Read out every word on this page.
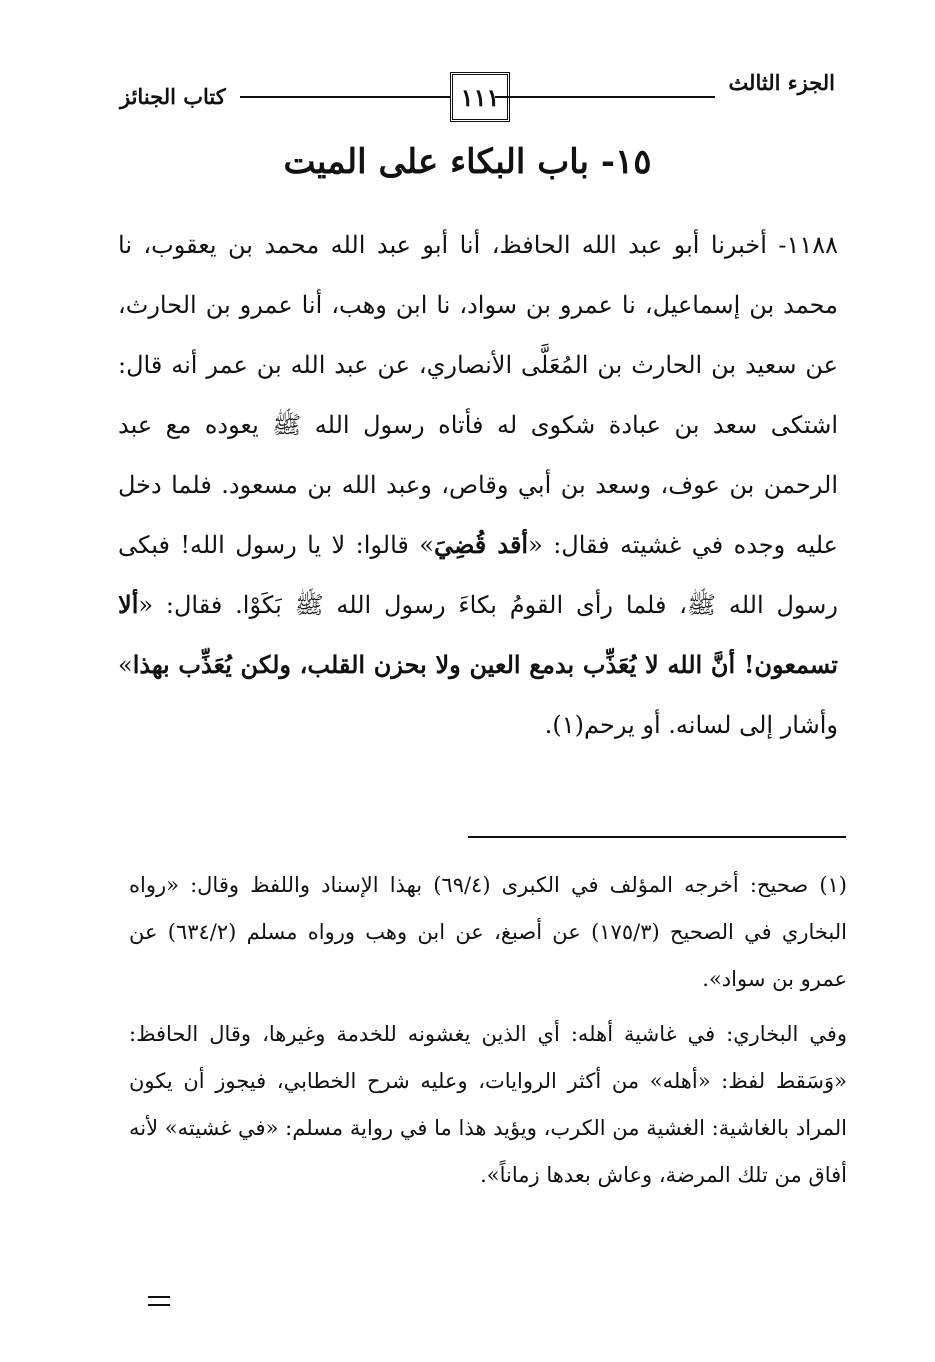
الجزء الثالث
١١١
كتاب الجنائز
١٥- باب البكاء على الميت

١١٨٨- أخبرنا أبو عبد الله الحافظ، أنا أبو عبد الله محمد بن يعقوب، نا محمد بن إسماعيل، نا عمرو بن سواد، نا ابن وهب، أنا عمرو بن الحارث، عن سعيد بن الحارث بن المُعَلَّى الأنصاري، عن عبد الله بن عمر أنه قال: اشتكى سعد بن عبادة شكوى له فأتاه رسول الله ﷺ يعوده مع عبد الرحمن بن عوف، وسعد بن أبي وقاص، وعبد الله بن مسعود. فلما دخل عليه وجده في غشيته فقال: «أقد قُضِيَ» قالوا: لا يا رسول الله! فبكى رسول الله ﷺ، فلما رأى القومُ بكاءَ رسول الله ﷺ بَكَوْا. فقال: «ألا تسمعون! أنَّ الله لا يُعَذِّب بدمع العين ولا بحزن القلب، ولكن يُعَذِّب بهذا» وأشار إلى لسانه. أو يرحم(١).

(١) صحيح: أخرجه المؤلف في الكبرى (٦٩/٤) بهذا الإسناد واللفظ وقال: «رواه البخاري في الصحيح (١٧٥/٣) عن أصبغ، عن ابن وهب ورواه مسلم (٦٣٤/٢) عن عمرو بن سواد».

وفي البخاري: في غاشية أهله: أي الذين يغشونه للخدمة وغيرها، وقال الحافظ: «وَسَقط لفظ: «أهله» من أكثر الروايات، وعليه شرح الخطابي، فيجوز أن يكون المراد بالغاشية: الغشية من الكرب، ويؤيد هذا ما في رواية مسلم: «في غشيته» لأنه أفاق من تلك المرضة، وعاش بعدها زماناً».
